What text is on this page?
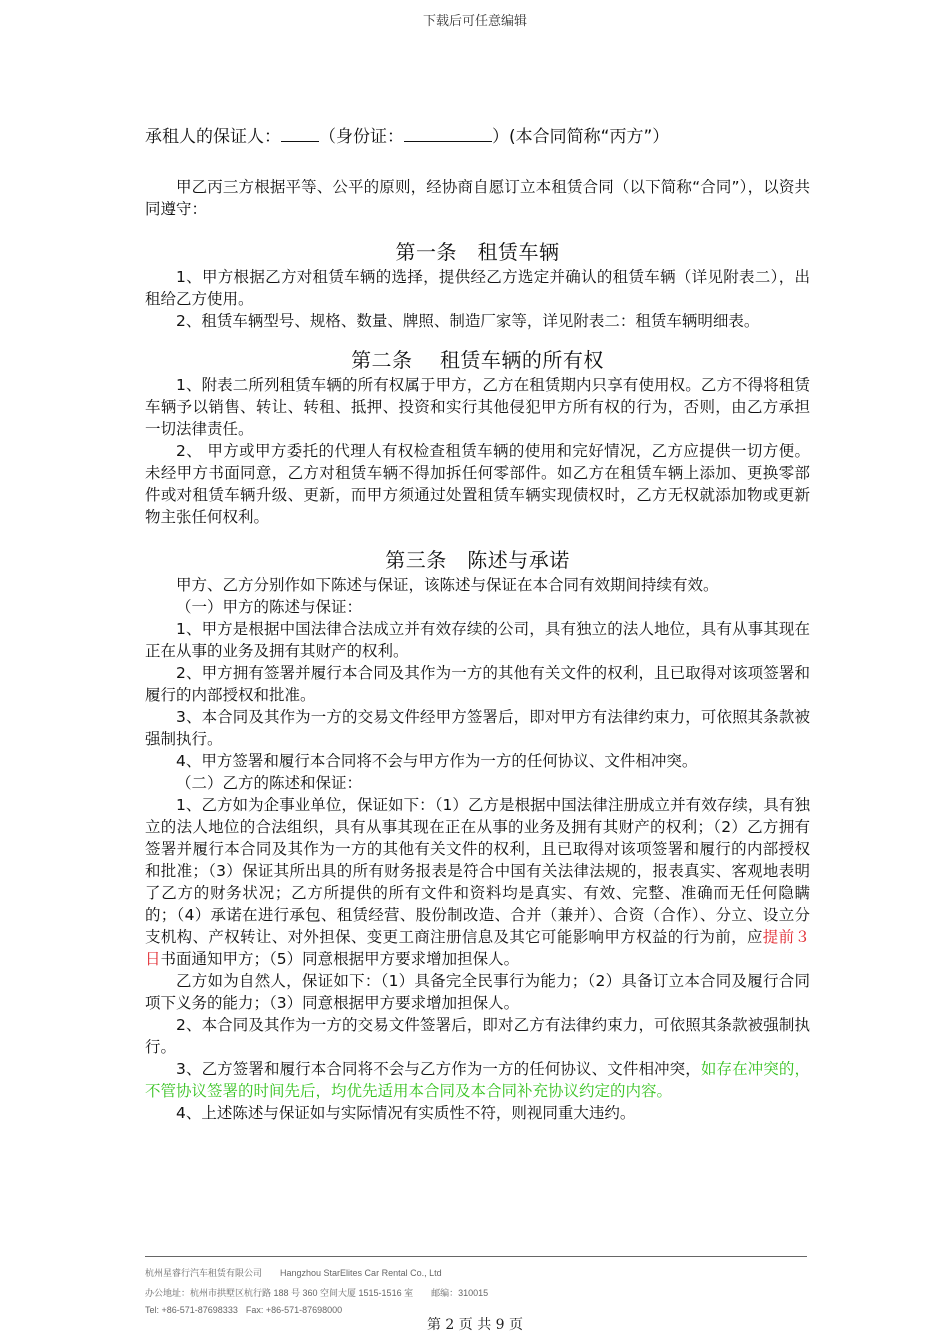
下载后可任意编辑

承租人的保证人： （身份证：	）(本合同简称“丙方”）

甲乙丙三方根据平等、公平的原则，经协商自愿订立本租赁合同（以下简称“合同”），以资共同遵守：

第一条　租赁车辆

1、甲方根据乙方对租赁车辆的选择，提供经乙方选定并确认的租赁车辆（详见附表二），出租给乙方使用。

2、租赁车辆型号、规格、数量、牌照、制造厂家等，详见附表二：租赁车辆明细表。

第二条　 租赁车辆的所有权

1、附表二所列租赁车辆的所有权属于甲方，乙方在租赁期内只享有使用权。乙方不得将租赁车辆予以销售、转让、转租、抵押、投资和实行其他侵犯甲方所有权的行为，否则，由乙方承担一切法律责任。

2、 甲方或甲方委托的代理人有权检查租赁车辆的使用和完好情况，乙方应提供一切方便。未经甲方书面同意，乙方对租赁车辆不得加拆任何零部件。如乙方在租赁车辆上添加、更换零部件或对租赁车辆升级、更新，而甲方须通过处置租赁车辆实现债权时，乙方无权就添加物或更新物主张任何权利。

第三条　陈述与承诺

甲方、乙方分别作如下陈述与保证，该陈述与保证在本合同有效期间持续有效。

（一）甲方的陈述与保证：

1、甲方是根据中国法律合法成立并有效存续的公司，具有独立的法人地位，具有从事其现在正在从事的业务及拥有其财产的权利。

2、甲方拥有签署并履行本合同及其作为一方的其他有关文件的权利，且已取得对该项签署和履行的内部授权和批准。

3、本合同及其作为一方的交易文件经甲方签署后，即对甲方有法律约束力，可依照其条款被强制执行。

4、甲方签署和履行本合同将不会与甲方作为一方的任何协议、文件相冲突。

（二）乙方的陈述和保证：

1、乙方如为企事业单位，保证如下：（1）乙方是根据中国法律注册成立并有效存续，具有独立的法人地位的合法组织，具有从事其现在正在从事的业务及拥有其财产的权利；（2）乙方拥有签署并履行本合同及其作为一方的其他有关文件的权利，且已取得对该项签署和履行的内部授权和批准；（3）保证其所出具的所有财务报表是符合中国有关法律法规的，报表真实、客观地表明了乙方的财务状况；乙方所提供的所有文件和资料均是真实、有效、完整、准确而无任何隐瞒的；（4）承诺在进行承包、租赁经营、股份制改造、合并（兼并）、合资（合作）、分立、设立分支机构、产权转让、对外担保、变更工商注册信息及其它可能影响甲方权益的行为前，应提前３日书面通知甲方；（5）同意根据甲方要求增加担保人。

乙方如为自然人，保证如下：（1）具备完全民事行为能力；（2）具备订立本合同及履行合同项下义务的能力；（3）同意根据甲方要求增加担保人。

2、本合同及其作为一方的交易文件签署后，即对乙方有法律约束力，可依照其条款被强制执行。

3、乙方签署和履行本合同将不会与乙方作为一方的任何协议、文件相冲突，如存在冲突的，不管协议签署的时间先后，均优先适用本合同及本合同补充协议约定的内容。

4、上述陈述与保证如与实际情况有实质性不符，则视同重大违约。

杭州星睿行汽车租赁有限公司 Hangzhou StarElites Car Rental Co., Ltd
办公地址：杭州市拱墅区杭行路 188 号 360 空间大厦 1515-1516 室 邮编：310015
Tel: +86-571-87698333 Fax: +86-571-87698000
第 2 页 共 9 页
